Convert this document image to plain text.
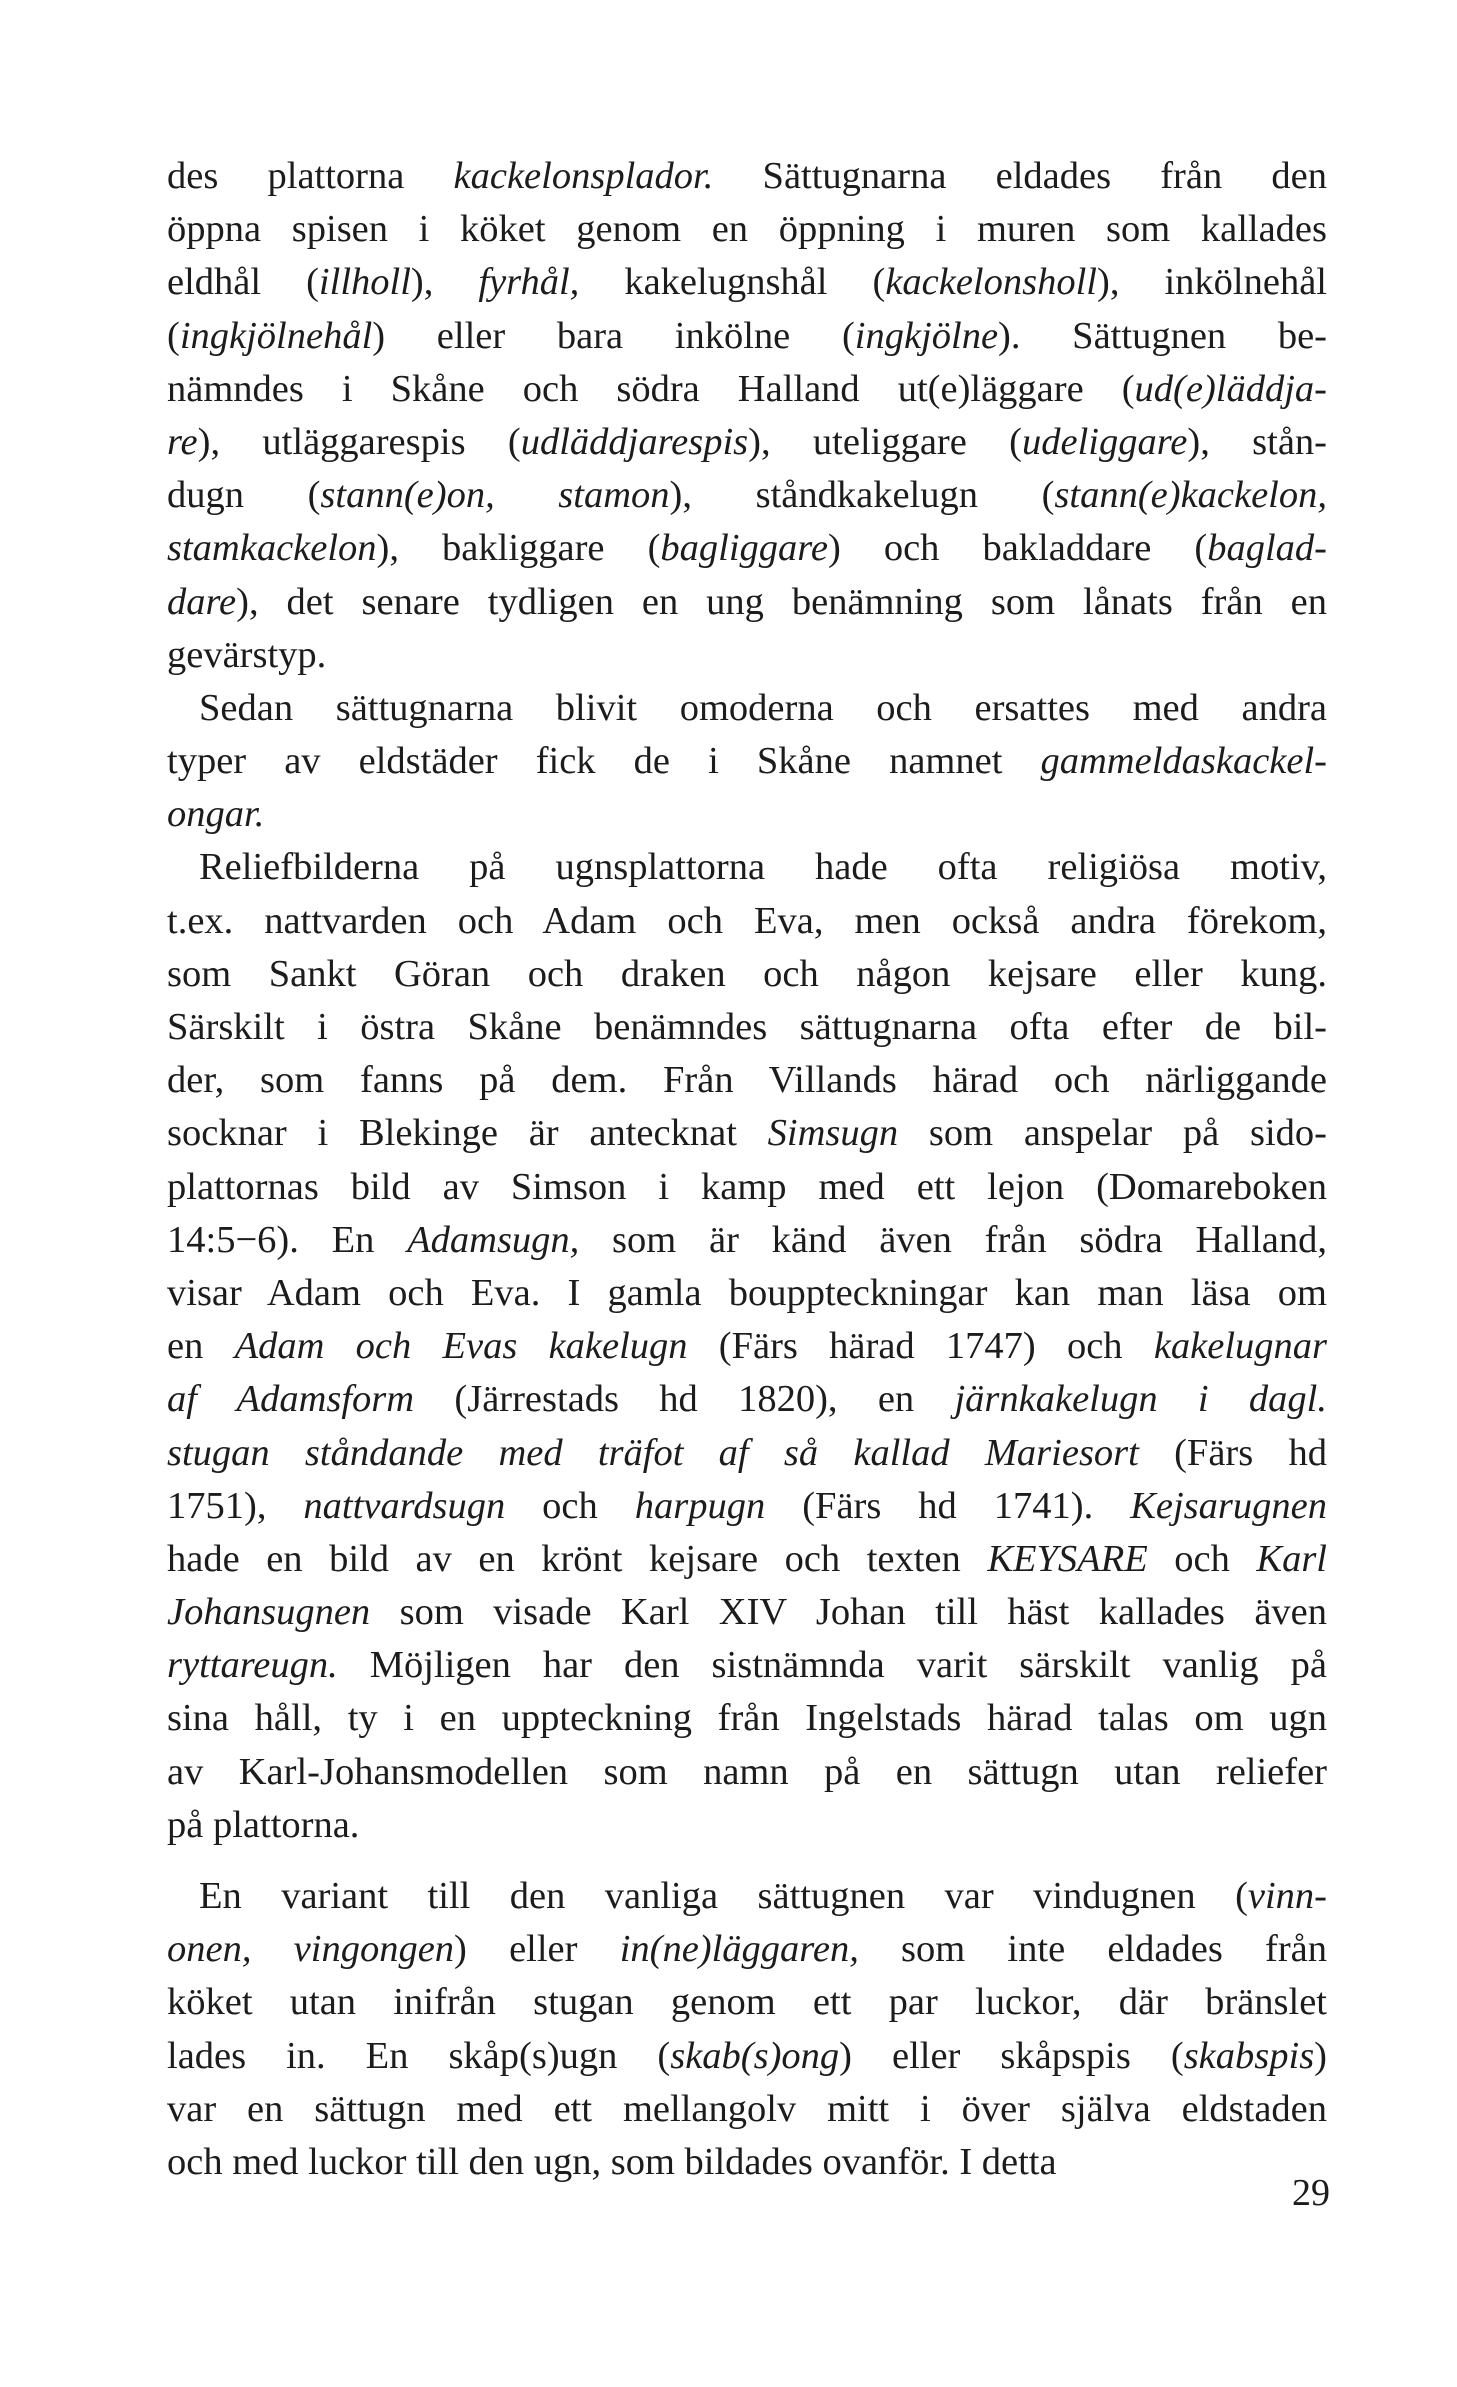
des plattorna kackelonsplador. Sättugnarna eldades från den
öppna spisen i köket genom en öppning i muren som kallades
eldhål (illholl), fyrhål, kakelugnshål (kackelonsholl), inkölnehål
(ingkjölnehål) eller bara inkölne (ingkjölne). Sättugnen be-
nämndes i Skåne och södra Halland ut(e)läggare (ud(e)läddja-
re), utläggarespis (udläddjarespis), uteliggare (udeliggare), stån-
dugn (stann(e)on, stamon), ståndkakelugn (stann(e)kackelon,
stamkackelon), bakliggare (bagliggare) och bakladdare (baglad-
dare), det senare tydligen en ung benämning som lånats från en
gevärstyp.
Sedan sättugnarna blivit omoderna och ersattes med andra
typer av eldstäder fick de i Skåne namnet gammeldaskackel-
ongar.
Reliefbilderna på ugnsplattorna hade ofta religiösa motiv,
t.ex. nattvarden och Adam och Eva, men också andra förekom,
som Sankt Göran och draken och någon kejsare eller kung.
Särskilt i östra Skåne benämndes sättugnarna ofta efter de bil-
der, som fanns på dem. Från Villands härad och närliggande
socknar i Blekinge är antecknat Simsugn som anspelar på sido-
plattornas bild av Simson i kamp med ett lejon (Domareboken
14:5−6). En Adamsugn, som är känd även från södra Halland,
visar Adam och Eva. I gamla bouppteckningar kan man läsa om
en Adam och Evas kakelugn (Färs härad 1747) och kakelugnar
af Adamsform (Järrestads hd 1820), en järnkakelugn i dagl.
stugan ståndande med träfot af så kallad Mariesort (Färs hd
1751), nattvardsugn och harpugn (Färs hd 1741). Kejsarugnen
hade en bild av en krönt kejsare och texten KEYSARE och Karl
Johansugnen som visade Karl XIV Johan till häst kallades även
ryttareugn. Möjligen har den sistnämnda varit särskilt vanlig på
sina håll, ty i en uppteckning från Ingelstads härad talas om ugn
av Karl-Johansmodellen som namn på en sättugn utan reliefer
på plattorna.
En variant till den vanliga sättugnen var vindugnen (vinn-
onen, vingongen) eller in(ne)läggaren, som inte eldades från
köket utan inifrån stugan genom ett par luckor, där bränslet
lades in. En skåp(s)ugn (skab(s)ong) eller skåpspis (skabspis)
var en sättugn med ett mellangolv mitt i över själva eldstaden
och med luckor till den ugn, som bildades ovanför. I detta
29
